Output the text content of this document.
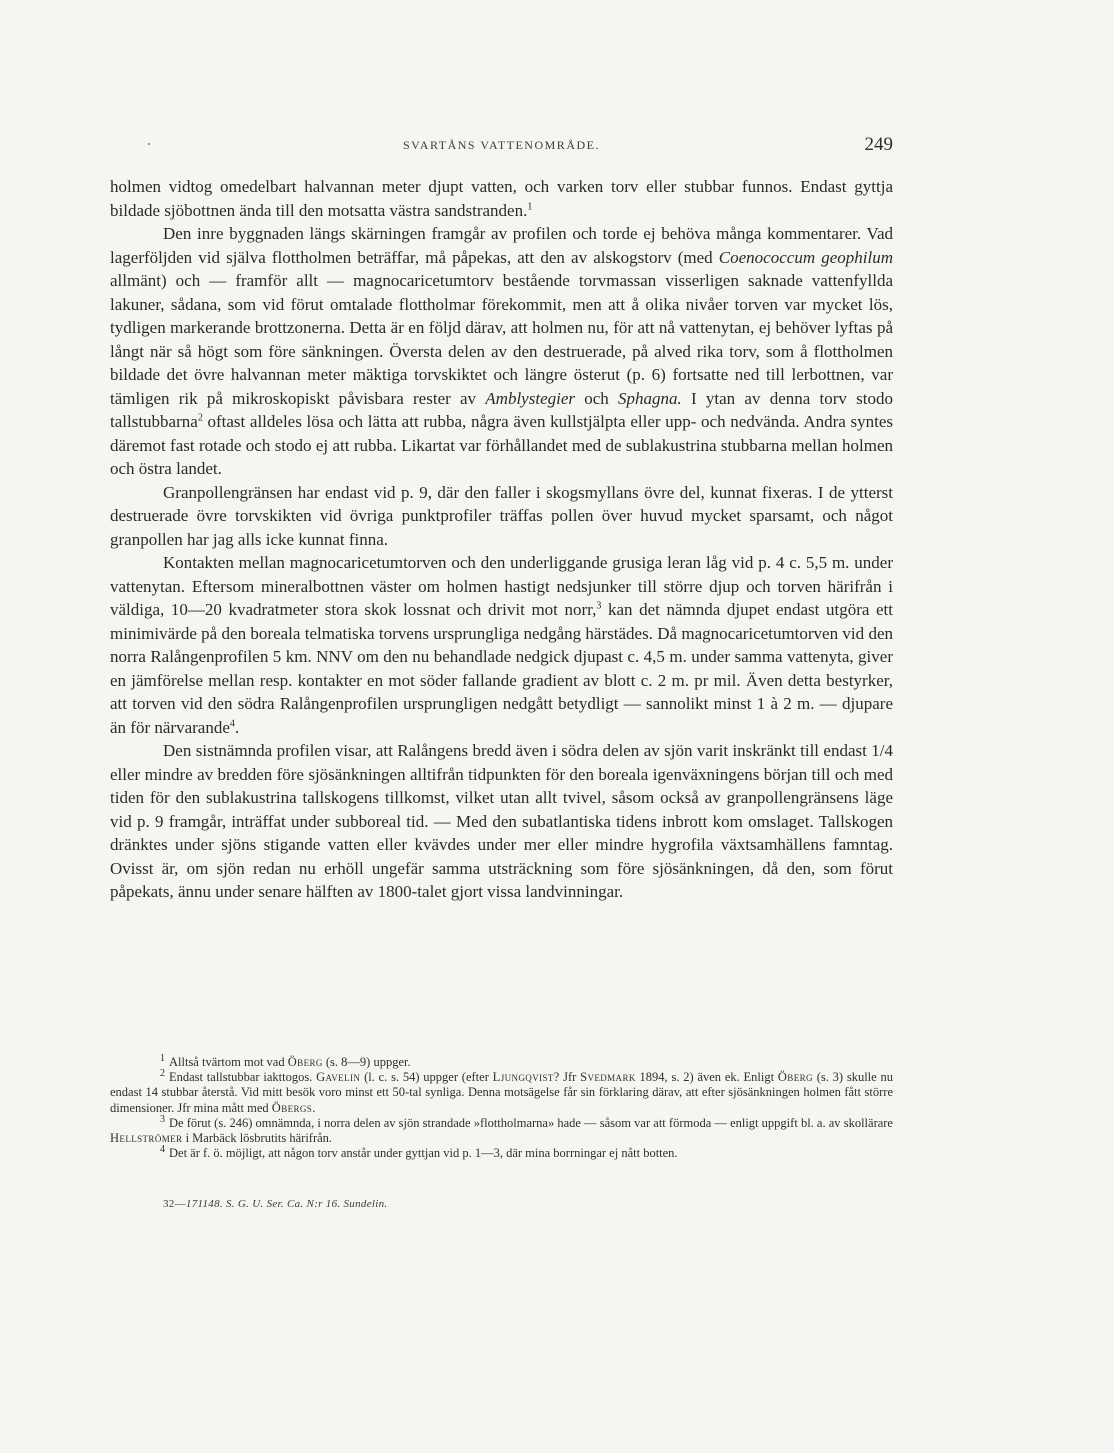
SVARTÅNS VATTENOMRÅDE.	249

holmen vidtog omedelbart halvannan meter djupt vatten, och varken torv eller stubbar funnos. Endast gyttja bildade sjöbottnen ända till den motsatta västra sandstranden.$^1$

Den inre byggnaden längs skärningen framgår av profilen och torde ej behöva många kommentarer. Vad lagerföljden vid själva flottholmen beträffar, må påpekas, att den av alskogstorv (med Coenococcum geophilum allmänt) och — framför allt — magnocaricetumtorv bestående torvmassan visserligen saknade vattenfyllda lakuner, sådana, som vid förut omtalade flottholmar förekommit, men att å olika nivåer torven var mycket lös, tydligen markerande brottzonerna. Detta är en följd därav, att holmen nu, för att nå vattenytan, ej behöver lyftas på långt när så högt som före sänkningen. Översta delen av den destruerade, på alved rika torv, som å flottholmen bildade det övre halvannan meter mäktiga torvskiktet och längre österut (p. 6) fortsatte ned till lerbottnen, var tämligen rik på mikroskopiskt påvisbara rester av Amblystegier och Sphagna. I ytan av denna torv stodo tallstubbarna$^2$ oftast alldeles lösa och lätta att rubba, några även kullstjälpta eller upp- och nedvända. Andra syntes däremot fast rotade och stodo ej att rubba. Likartat var förhållandet med de sublakustrina stubbarna mellan holmen och östra landet.

Granpollengränsen har endast vid p. 9, där den faller i skogsmyllans övre del, kunnat fixeras. I de ytterst destruerade övre torvskikten vid övriga punktprofiler träffas pollen över huvud mycket sparsamt, och något granpollen har jag alls icke kunnat finna.

Kontakten mellan magnocaricetumtorven och den underliggande grusiga leran låg vid p. 4 c. 5,5 m. under vattenytan. Eftersom mineralbottnen väster om holmen hastigt nedsjunker till större djup och torven härifrån i väldiga, 10—20 kvadratmeter stora skok lossnat och drivit mot norr,$^3$ kan det nämnda djupet endast utgöra ett minimivärde på den boreala telmatiska torvens ursprungliga nedgång härstädes. Då magnocaricetumtorven vid den norra Ralångenprofilen 5 km. NNV om den nu behandlade nedgick djupast c. 4,5 m. under samma vattenyta, giver en jämförelse mellan resp. kontakter en mot söder fallande gradient av blott c. 2 m. pr mil. Även detta bestyrker, att torven vid den södra Ralångenprofilen ursprungligen nedgått betydligt — sannolikt minst 1 à 2 m. — djupare än för närvarande$^4$.

Den sistnämnda profilen visar, att Ralångens bredd även i södra delen av sjön varit inskränkt till endast 1/4 eller mindre av bredden före sjösänkningen alltifrån tidpunkten för den boreala igenväxningens början till och med tiden för den sublakustrina tallskogens tillkomst, vilket utan allt tvivel, såsom också av granpollengränsens läge vid p. 9 framgår, inträffat under subboreal tid. — Med den subatlantiska tidens inbrott kom omslaget. Tallskogen dränktes under sjöns stigande vatten eller kvävdes under mer eller mindre hygrofila växtsamhällens famntag. Ovisst är, om sjön redan nu erhöll ungefär samma utsträckning som före sjösänkningen, då den, som förut påpekats, ännu under senare hälften av 1800-talet gjort vissa landvinningar.

$^1$ Alltså tvärtom mot vad Öberg (s. 8—9) uppger.

$^2$ Endast tallstubbar iakttogos. Gavelin (l. c. s. 54) uppger (efter Ljungqvist? Jfr Svedmark 1894, s. 2) även ek. Enligt Öberg (s. 3) skulle nu endast 14 stubbar återstå. Vid mitt besök voro minst ett 50-tal synliga. Denna motsägelse får sin förklaring därav, att efter sjösänkningen holmen fått större dimensioner. Jfr mina mått med Öbergs.

$^3$ De förut (s. 246) omnämnda, i norra delen av sjön strandade »flottholmarna» hade — såsom var att förmoda — enligt uppgift bl. a. av skollärare Hellströmer i Marbäck lösbrutits härifrån.

$^4$ Det är f. ö. möjligt, att någon torv anstår under gyttjan vid p. 1—3, där mina borrningar ej nått botten.

32—171148. S. G. U. Ser. Ca. N:r 16. Sundelin.
